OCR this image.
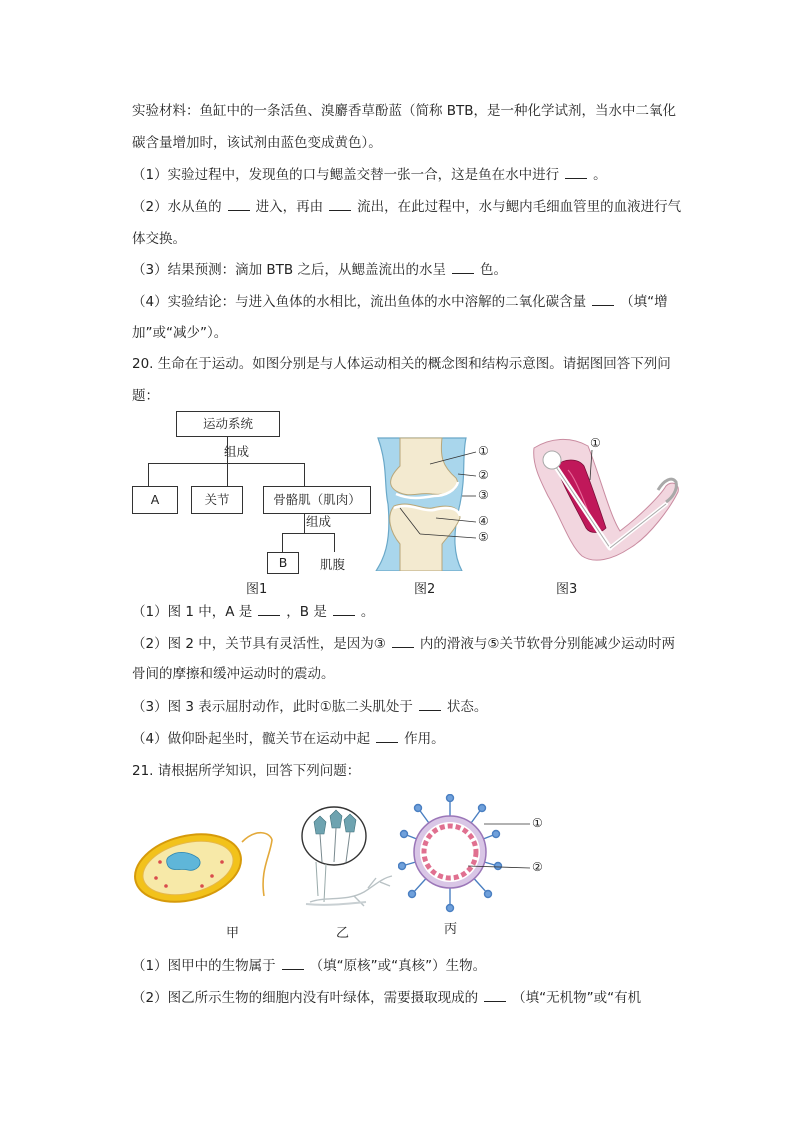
实验材料：鱼缸中的一条活鱼、溴麝香草酚蓝（简称 BTB，是一种化学试剂，当水中二氧化
碳含量增加时，该试剂由蓝色变成黄色）。
（1）实验过程中，发现鱼的口与鳃盖交替一张一合，这是鱼在水中进行	。
（2）水从鱼的	进入，再由	流出，在此过程中，水与鳃内毛细血管里的血液进行气
体交换。
（3）结果预测：滴加 BTB 之后，从鳃盖流出的水呈	色。
（4）实验结论：与进入鱼体的水相比，流出鱼体的水中溶解的二氧化碳含量	（填“增
加”或“减少”）。
20. 生命在于运动。如图分别是与人体运动相关的概念图和结构示意图。请据图回答下列问
题：
运动系统
组成
A	关节	骨骼肌（肌肉）
组成
B	肌腹
图1
①
②
③
④
⑤
图2
①
图3
（1）图 1 中，A 是	，B 是	。
（2）图 2 中，关节具有灵活性，是因为③	内的滑液与⑤关节软骨分别能减少运动时两
骨间的摩擦和缓冲运动时的震动。
（3）图 3 表示屈肘动作，此时①肱二头肌处于	状态。
（4）做仰卧起坐时，髋关节在运动中起	作用。
21. 请根据所学知识，回答下列问题：
甲	乙
①
②
丙
（1）图甲中的生物属于	（填“原核”或“真核”）生物。
（2）图乙所示生物的细胞内没有叶绿体，需要摄取现成的	（填“无机物”或“有机
